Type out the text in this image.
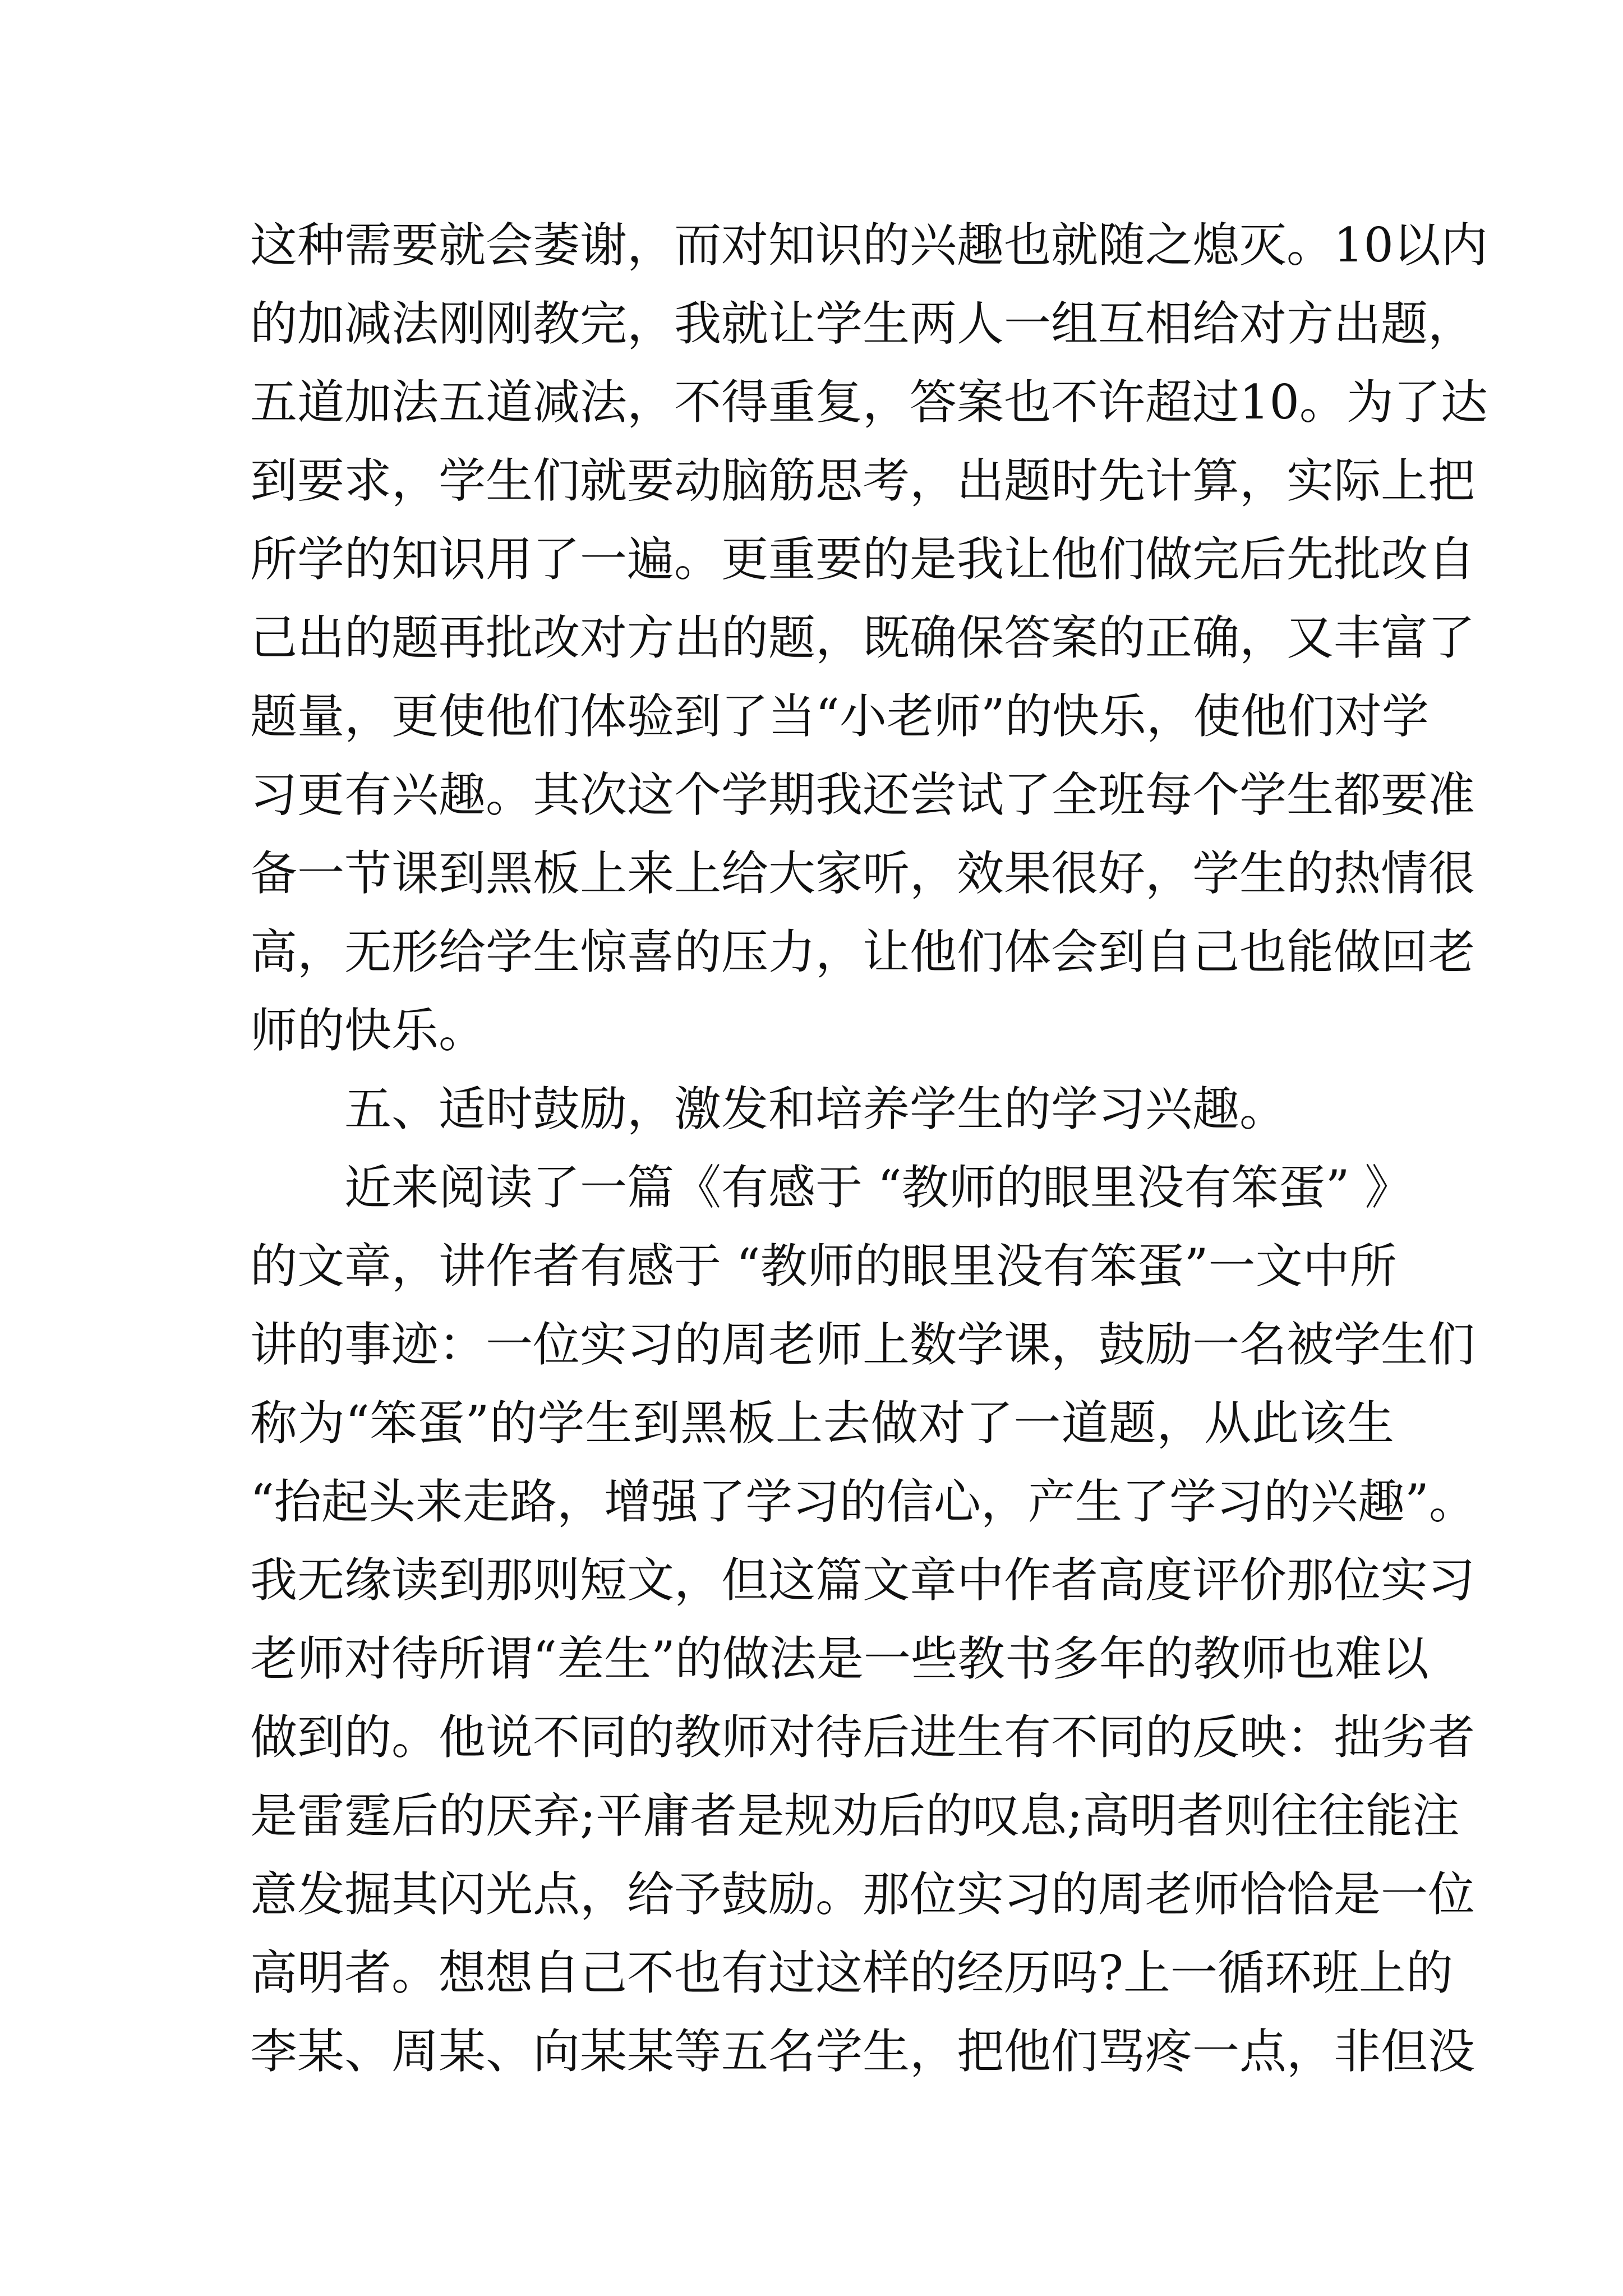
这种需要就会萎谢，而对知识的兴趣也就随之熄灭。10以内
的加减法刚刚教完，我就让学生两人一组互相给对方出题，
五道加法五道减法，不得重复，答案也不许超过10。为了达
到要求，学生们就要动脑筋思考，出题时先计算，实际上把
所学的知识用了一遍。更重要的是我让他们做完后先批改自
己出的题再批改对方出的题，既确保答案的正确，又丰富了
题量，更使他们体验到了当“小老师”的快乐，使他们对学
习更有兴趣。其次这个学期我还尝试了全班每个学生都要准
备一节课到黑板上来上给大家听，效果很好，学生的热情很
高，无形给学生惊喜的压力，让他们体会到自己也能做回老
师的快乐。
五、适时鼓励，激发和培养学生的学习兴趣。
近来阅读了一篇《有感于 “教师的眼里没有笨蛋” 》
的文章，讲作者有感于 “教师的眼里没有笨蛋”一文中所
讲的事迹：一位实习的周老师上数学课，鼓励一名被学生们
称为“笨蛋”的学生到黑板上去做对了一道题，从此该生
“抬起头来走路，增强了学习的信心，产生了学习的兴趣”。
我无缘读到那则短文，但这篇文章中作者高度评价那位实习
老师对待所谓“差生”的做法是一些教书多年的教师也难以
做到的。他说不同的教师对待后进生有不同的反映：拙劣者
是雷霆后的厌弃;平庸者是规劝后的叹息;高明者则往往能注
意发掘其闪光点，给予鼓励。那位实习的周老师恰恰是一位
高明者。想想自己不也有过这样的经历吗?上一循环班上的
李某、周某、向某某等五名学生，把他们骂疼一点，非但没
